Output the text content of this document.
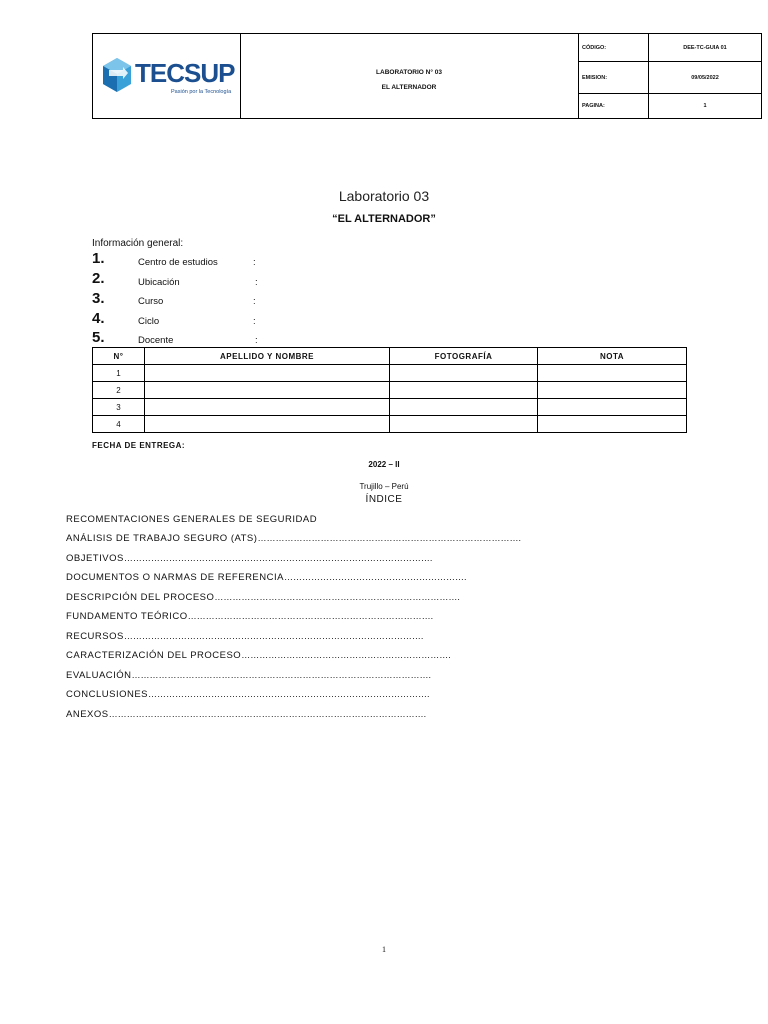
TECSUP
Pasión por la Tecnología
LABORATORIO N° 03
EL ALTERNADOR
CÓDIGO:	DEE-TC-GUIA 01
EMISION:	09/05/2022
PAGINA:	1
Laboratorio 03
“EL ALTERNADOR”
Información general:
1.	Centro de estudios	:
2.	Ubicación	:
3.	Curso	:
4.	Ciclo	:
5.	Docente	:
N°	APELLIDO Y NOMBRE	FOTOGRAFÍA	NOTA
1			
2			
3			
4			
FECHA DE ENTREGA:
2022 – II
Trujillo – Perú
ÍNDICE
RECOMENTACIONES GENERALES DE SEGURIDAD
ANÁLISIS DE TRABAJO SEGURO (ATS)…………………………………………………………………………….
OBJETIVOS………………………………………………………………………………………….
DOCUMENTOS O NARMAS DE REFERENCIA…………………………………………………….
DESCRIPCIÓN DEL PROCESO……………………………………………………………………….
FUNDAMENTO TEÓRICO……………………………………………………………………….
RECURSOS……………………………………………………………………………………….
CARACTERIZACIÓN DEL PROCESO…………………………………………………………….
EVALUACIÓN……………………………………………………………………………………….
CONCLUSIONES………………………………………………………………………………….
ANEXOS…………………………………………………………………………………………….
1
